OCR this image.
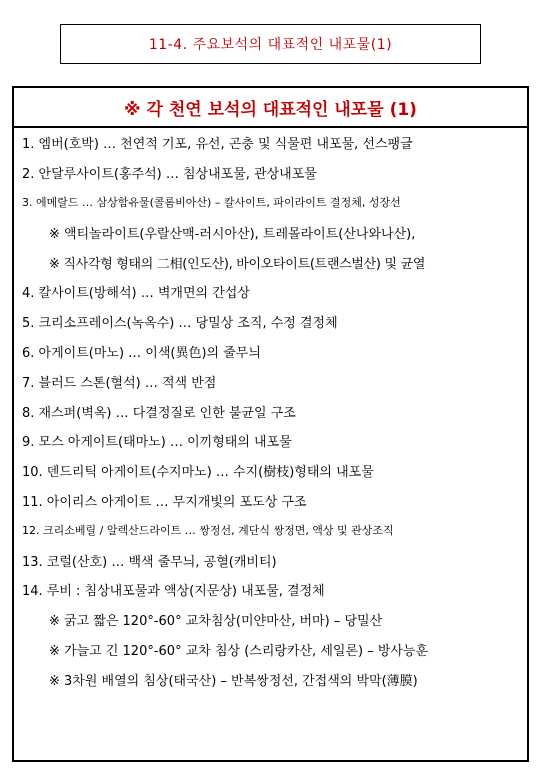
11-4. 주요보석의 대표적인 내포물(1)
※ 각 천연 보석의 대표적인 내포물 (1)
1. 엠버(호박) … 천연적 기포, 유선, 곤충 및 식물편 내포물, 선스팽글
2. 안달루사이트(홍주석) … 침상내포물, 관상내포물
3. 에메랄드 … 삼상함유물(콜롬비아산) – 칼사이트, 파이라이트 결정체, 성장선
※ 액티놀라이트(우랄산맥-러시아산), 트레몰라이트(산나와나산),
※ 직사각형 형태의 二相(인도산), 바이오타이트(트랜스벌산) 및 균열
4. 칼사이트(방해석) … 벽개면의 간섭상
5. 크리소프레이스(녹옥수) … 당밀상 조직, 수정 결정체
6. 아게이트(마노) … 이색(異色)의 줄무늬
7. 블러드 스톤(혈석) … 적색 반점
8. 재스퍼(벽옥) … 다결정질로 인한 불균일 구조
9. 모스 아게이트(태마노) … 이끼형태의 내포물
10. 덴드리틱 아게이트(수지마노) … 수지(樹枝)형태의 내포물
11. 아이리스 아게이트 … 무지개빛의 포도상 구조
12. 크리소베릴 / 알렉산드라이트 … 쌍정선, 계단식 쌍정면, 액상 및 관상조직
13. 코럴(산호) … 백색 줄무늬, 공혈(캐비티)
14. 루비 : 침상내포물과 액상(지문상) 내포물, 결정체
※ 굵고 짧은 120°-60° 교차침상(미얀마산, 버마) – 당밀산
※ 가늘고 긴 120°-60° 교차 침상 (스리랑카산, 세일론) – 방사능훈
※ 3차원 배열의 침상(태국산) – 반복쌍정선, 간접색의 박막(薄膜)
